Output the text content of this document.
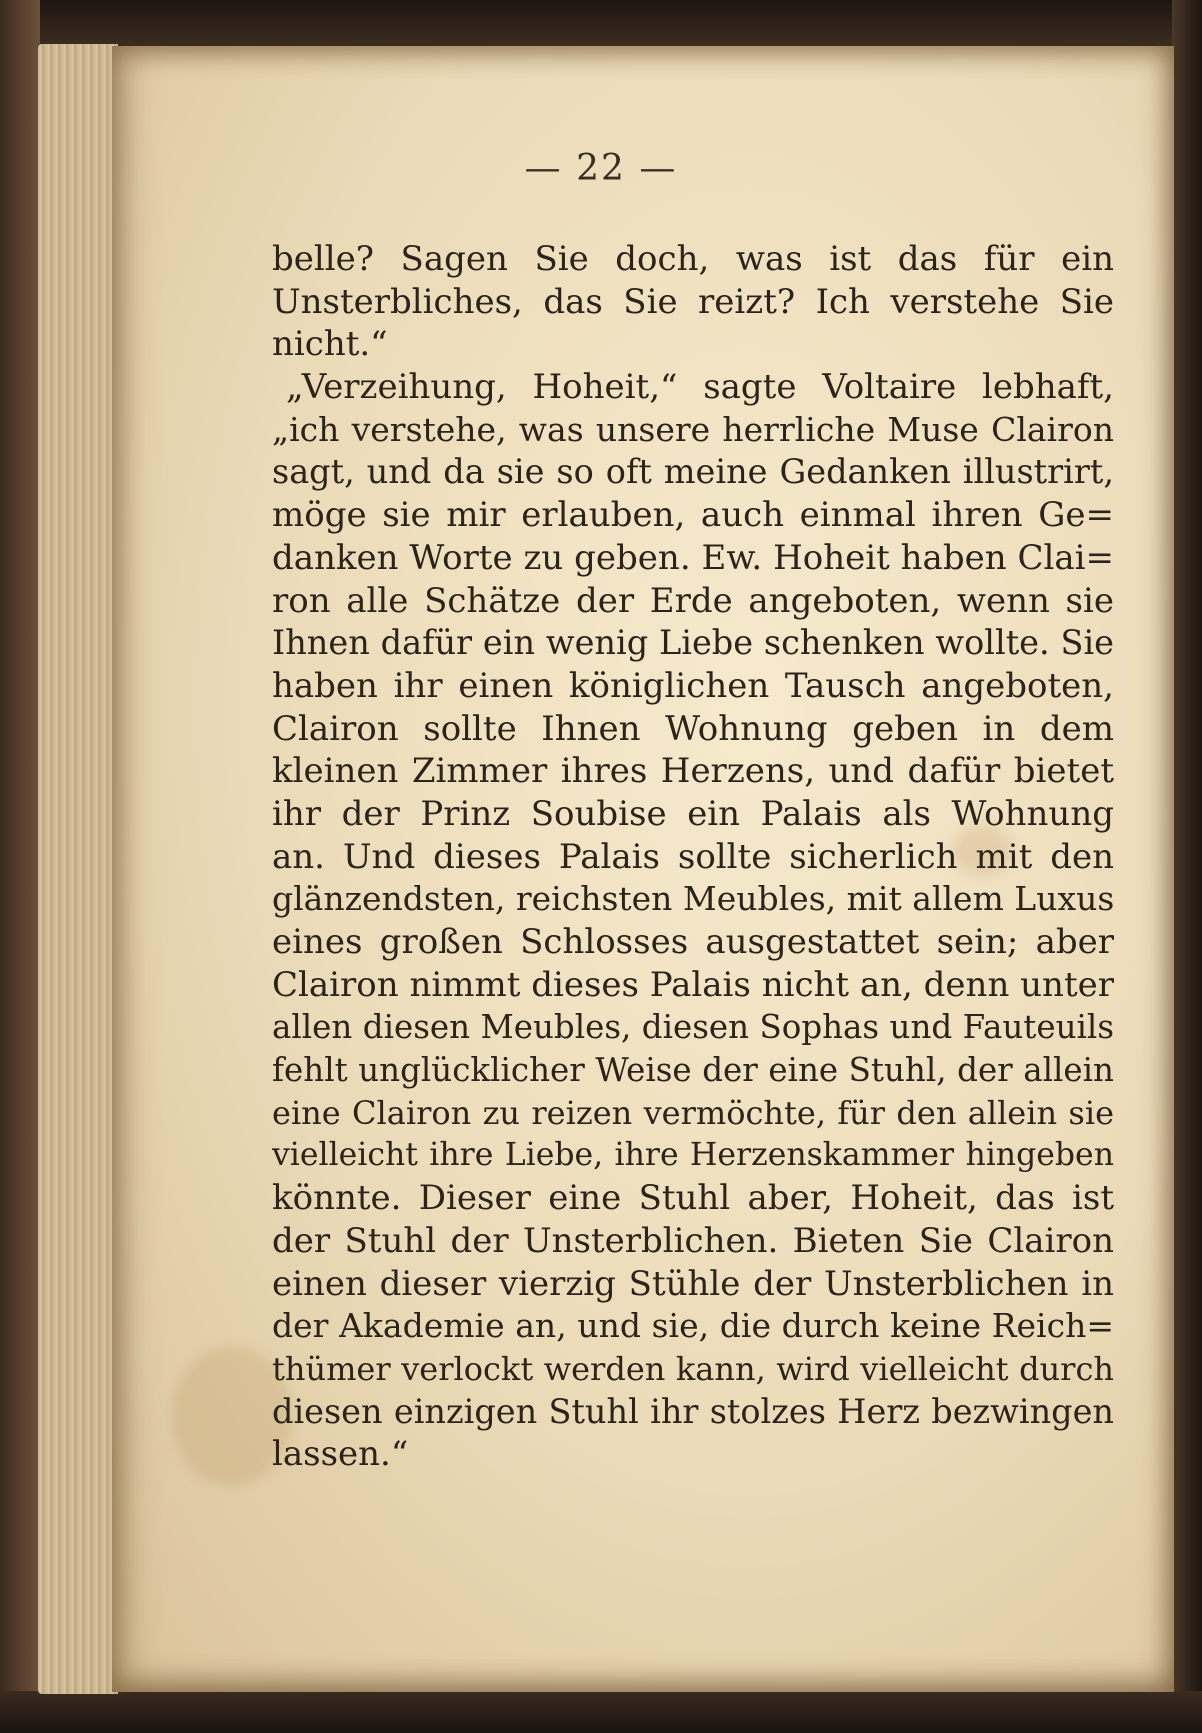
— 22 —
belle? Sagen Sie doch, was ist das für ein
Unsterbliches, das Sie reizt? Ich verstehe Sie
nicht.“
„Verzeihung, Hoheit,“ sagte Voltaire lebhaft,
„ich verstehe, was unsere herrliche Muse Clairon
sagt, und da sie so oft meine Gedanken illustrirt,
möge sie mir erlauben, auch einmal ihren Ge=
danken Worte zu geben. Ew. Hoheit haben Clai=
ron alle Schätze der Erde angeboten, wenn sie
Ihnen dafür ein wenig Liebe schenken wollte. Sie
haben ihr einen königlichen Tausch angeboten,
Clairon sollte Ihnen Wohnung geben in dem
kleinen Zimmer ihres Herzens, und dafür bietet
ihr der Prinz Soubise ein Palais als Wohnung
an. Und dieses Palais sollte sicherlich mit den
glänzendsten, reichsten Meubles, mit allem Luxus
eines großen Schlosses ausgestattet sein; aber
Clairon nimmt dieses Palais nicht an, denn unter
allen diesen Meubles, diesen Sophas und Fauteuils
fehlt unglücklicher Weise der eine Stuhl, der allein
eine Clairon zu reizen vermöchte, für den allein sie
vielleicht ihre Liebe, ihre Herzenskammer hingeben
könnte. Dieser eine Stuhl aber, Hoheit, das ist
der Stuhl der Unsterblichen. Bieten Sie Clairon
einen dieser vierzig Stühle der Unsterblichen in
der Akademie an, und sie, die durch keine Reich=
thümer verlockt werden kann, wird vielleicht durch
diesen einzigen Stuhl ihr stolzes Herz bezwingen
lassen.“
